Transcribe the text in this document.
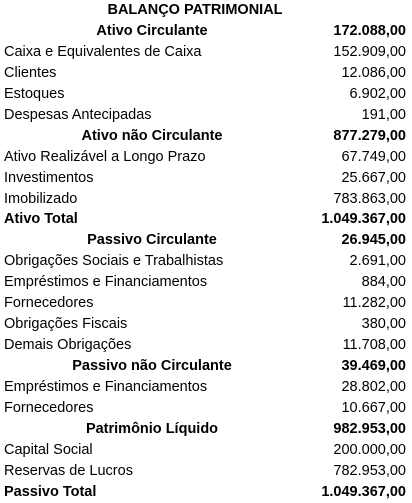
BALANÇO PATRIMONIAL
Ativo Circulante	172.088,00
Caixa e Equivalentes de Caixa	152.909,00
Clientes	12.086,00
Estoques	6.902,00
Despesas Antecipadas	191,00
Ativo não Circulante	877.279,00
Ativo Realizável a Longo Prazo	67.749,00
Investimentos	25.667,00
Imobilizado	783.863,00
Ativo Total	1.049.367,00
Passivo Circulante	26.945,00
Obrigações Sociais e Trabalhistas	2.691,00
Empréstimos e Financiamentos	884,00
Fornecedores	11.282,00
Obrigações Fiscais	380,00
Demais Obrigações	11.708,00
Passivo não Circulante	39.469,00
Empréstimos e Financiamentos	28.802,00
Fornecedores	10.667,00
Patrimônio Líquido	982.953,00
Capital Social	200.000,00
Reservas de Lucros	782.953,00
Passivo Total	1.049.367,00
